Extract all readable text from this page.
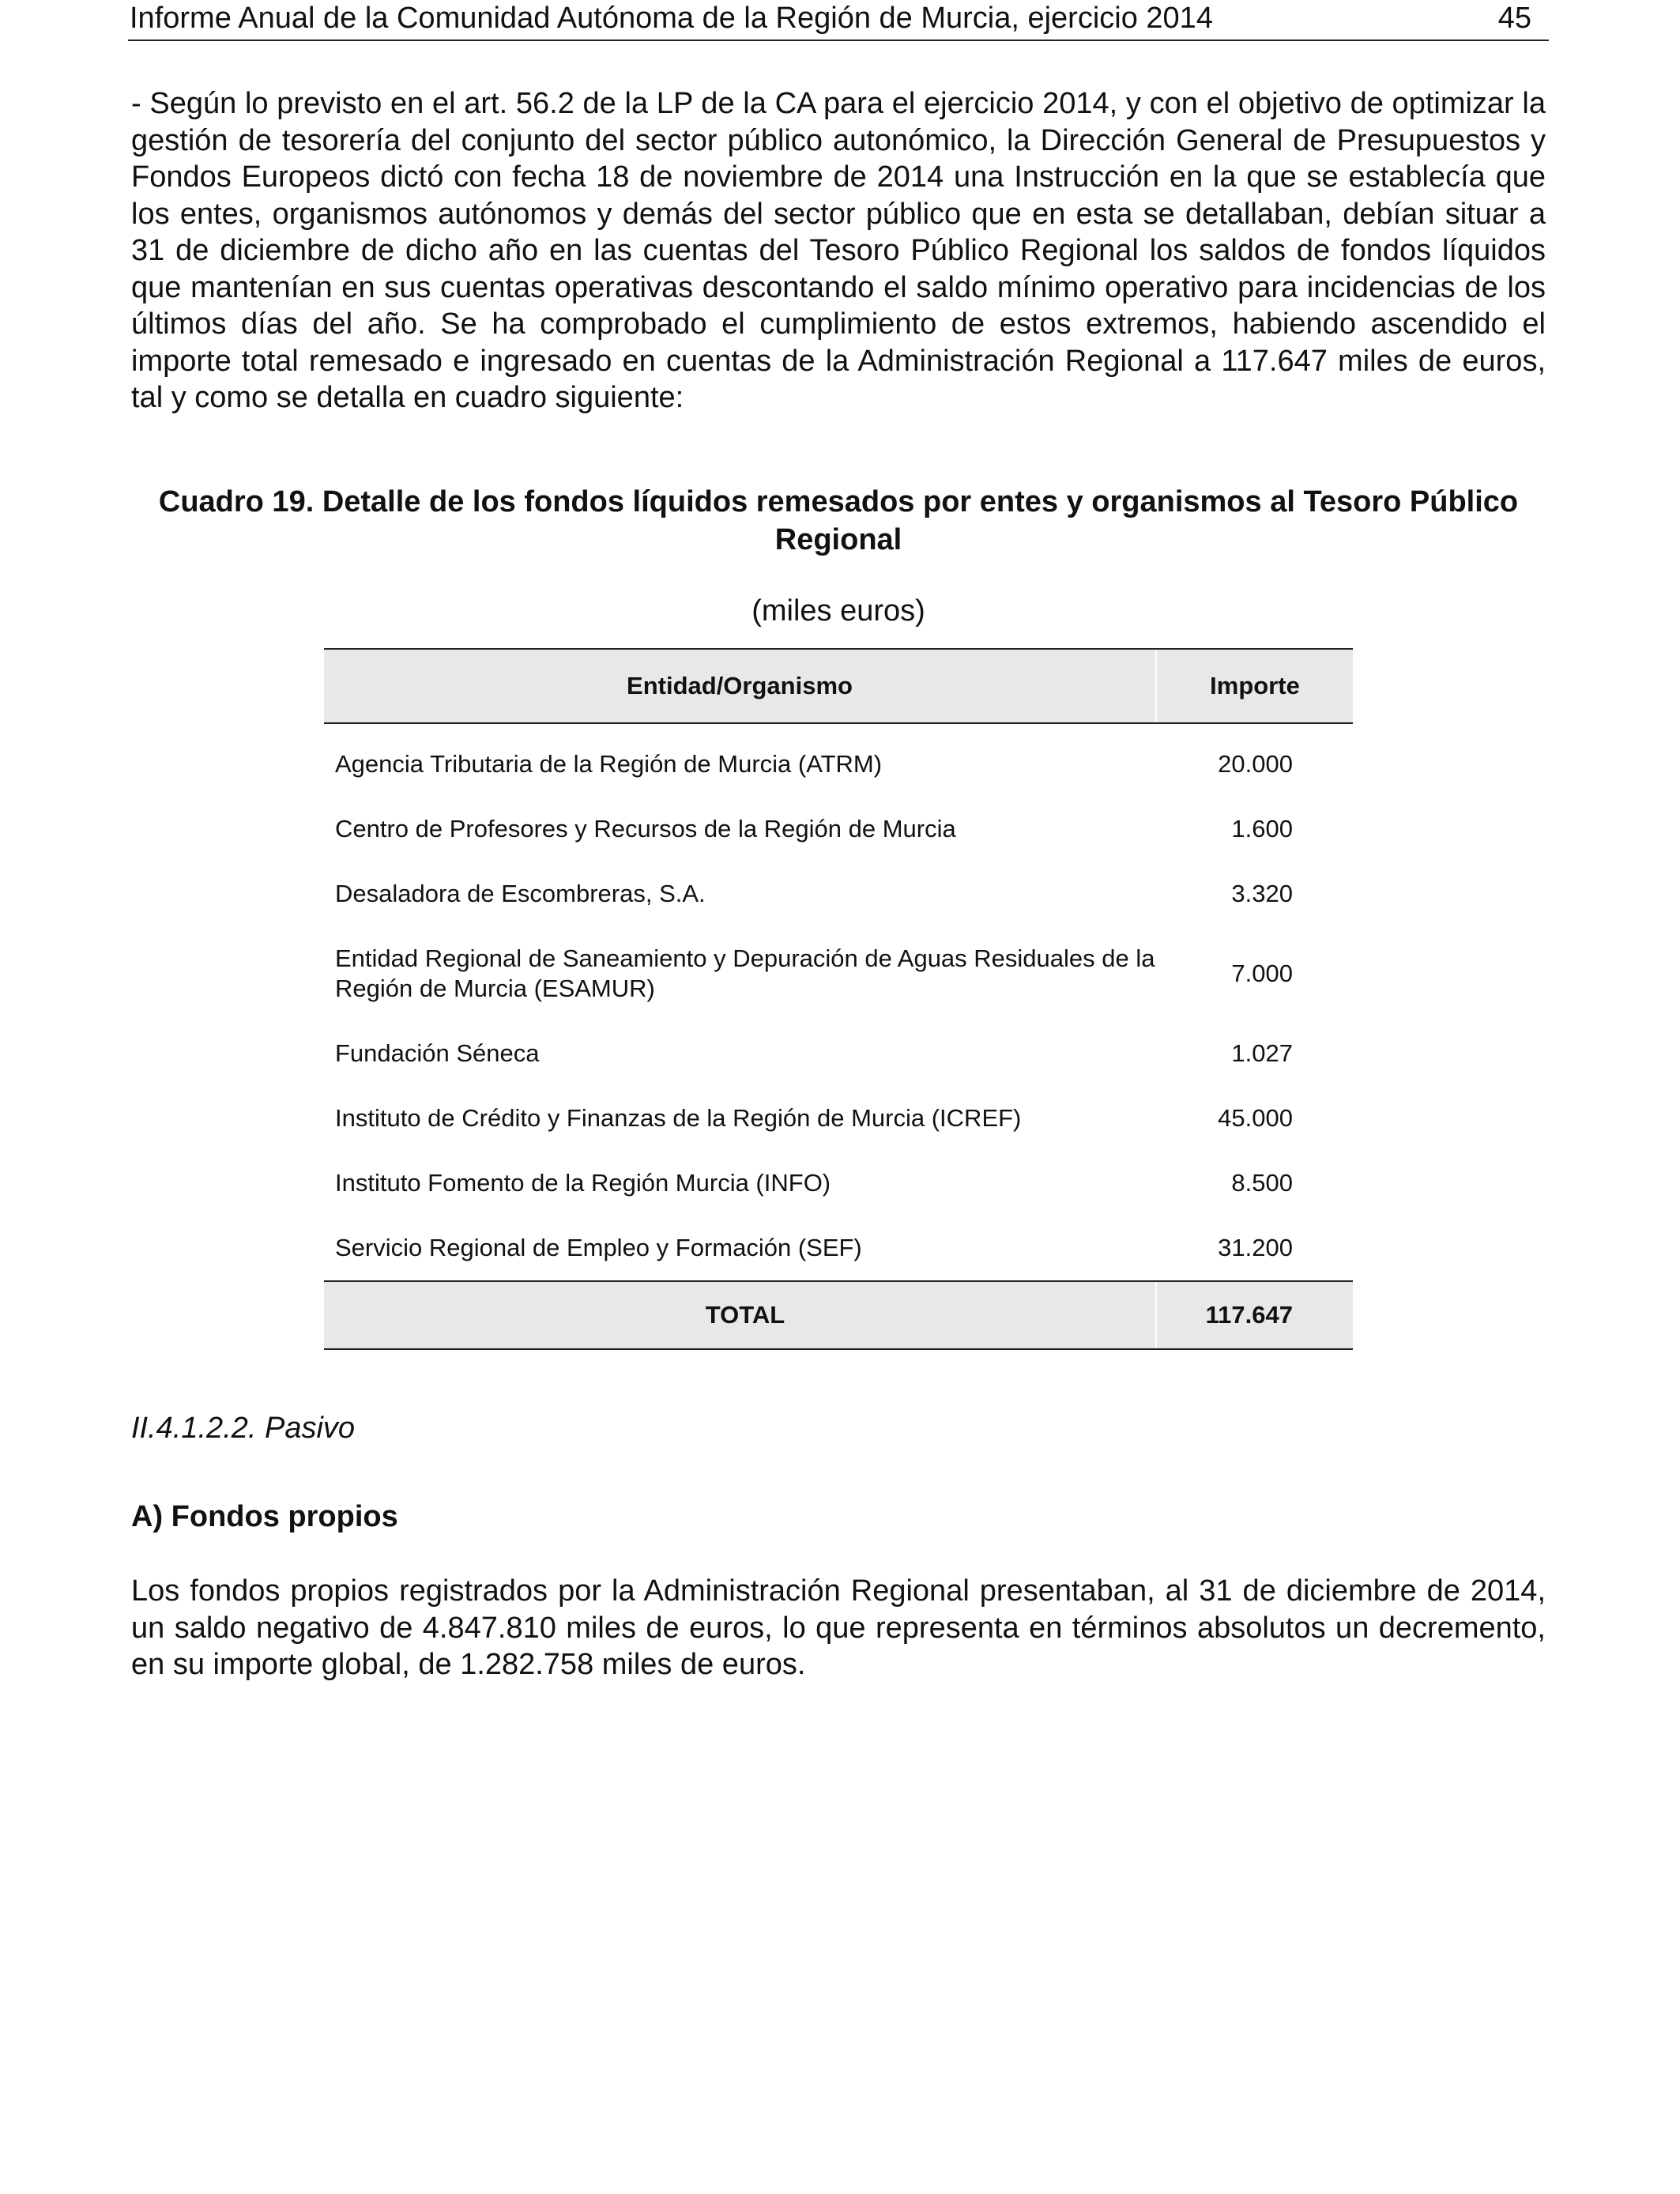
Informe Anual de la Comunidad Autónoma de la Región de Murcia, ejercicio 2014	45

- Según lo previsto en el art. 56.2 de la LP de la CA para el ejercicio 2014, y con el objetivo de optimizar la gestión de tesorería del conjunto del sector público autonómico, la Dirección General de Presupuestos y Fondos Europeos dictó con fecha 18 de noviembre de 2014 una Instrucción en la que se establecía que los entes, organismos autónomos y demás del sector público que en esta se detallaban, debían situar a 31 de diciembre de dicho año en las cuentas del Tesoro Público Regional los saldos de fondos líquidos que mantenían en sus cuentas operativas descontando el saldo mínimo operativo para incidencias de los últimos días del año. Se ha comprobado el cumplimiento de estos extremos, habiendo ascendido el importe total remesado e ingresado en cuentas de la Administración Regional a 117.647 miles de euros, tal y como se detalla en cuadro siguiente:

Cuadro 19. Detalle de los fondos líquidos remesados por entes y organismos al Tesoro Público Regional

(miles euros)

Entidad/Organismo	Importe
Agencia Tributaria de la Región de Murcia (ATRM)	20.000
Centro de Profesores y Recursos de la Región de Murcia	1.600
Desaladora de Escombreras, S.A.	3.320
Entidad Regional de Saneamiento y Depuración de Aguas Residuales de la Región de Murcia (ESAMUR)	7.000
Fundación Séneca	1.027
Instituto de Crédito y Finanzas de la Región de Murcia (ICREF)	45.000
Instituto Fomento de la Región Murcia (INFO)	8.500
Servicio Regional de Empleo y Formación (SEF)	31.200
TOTAL	117.647

II.4.1.2.2. Pasivo

A) Fondos propios

Los fondos propios registrados por la Administración Regional presentaban, al 31 de diciembre de 2014, un saldo negativo de 4.847.810 miles de euros, lo que representa en términos absolutos un decremento, en su importe global, de 1.282.758 miles de euros.
